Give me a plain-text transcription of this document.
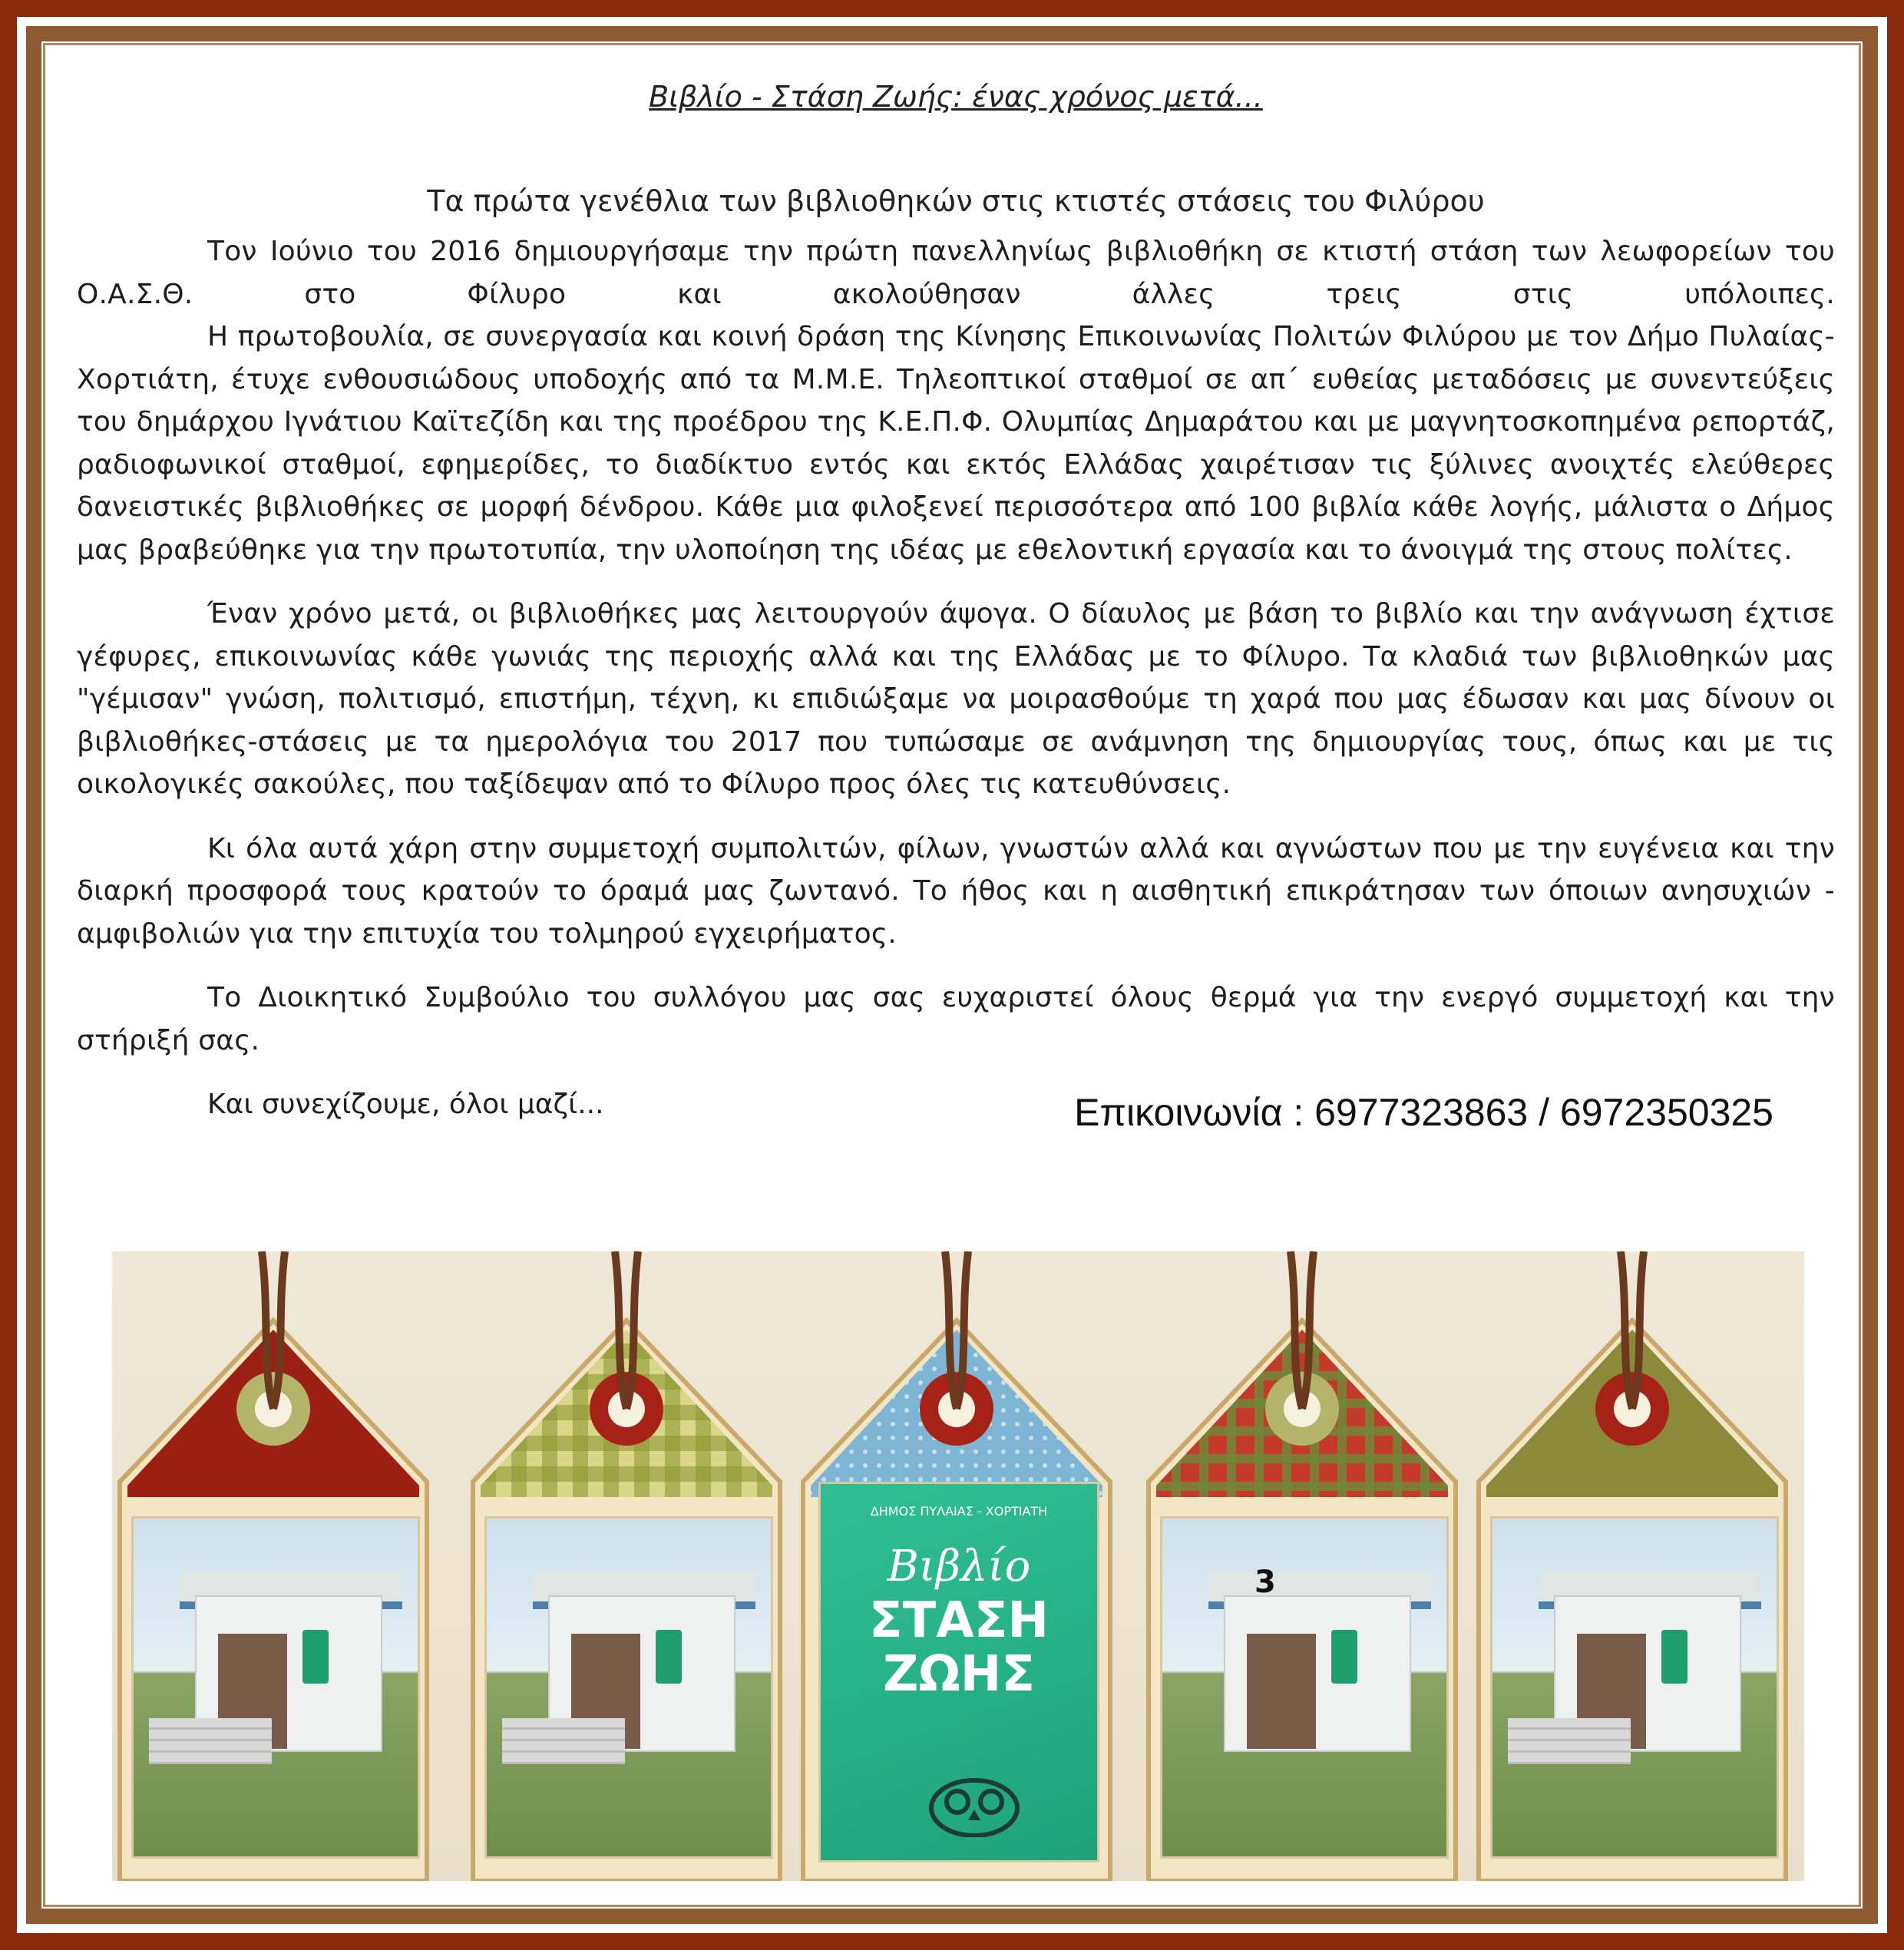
Βιβλίο - Στάση Ζωής: ένας χρόνος μετά...

Τα πρώτα γενέθλια των βιβλιοθηκών στις κτιστές στάσεις του Φιλύρου

Τον Ιούνιο του 2016 δημιουργήσαμε την πρώτη πανελληνίως βιβλιοθήκη σε κτιστή στάση των λεωφορείων του Ο.Α.Σ.Θ. στο Φίλυρο και ακολούθησαν άλλες τρεις στις υπόλοιπες.

Η πρωτοβουλία, σε συνεργασία και κοινή δράση της Κίνησης Επικοινωνίας Πολιτών Φιλύρου με τον Δήμο Πυλαίας-Χορτιάτη, έτυχε ενθουσιώδους υποδοχής από τα Μ.Μ.Ε. Τηλεοπτικοί σταθμοί σε απ΄ ευθείας μεταδόσεις με συνεντεύξεις του δημάρχου Ιγνάτιου Καϊτεζίδη και της προέδρου της Κ.Ε.Π.Φ. Ολυμπίας Δημαράτου και με μαγνητοσκοπημένα ρεπορτάζ, ραδιοφωνικοί σταθμοί, εφημερίδες, το διαδίκτυο εντός και εκτός Ελλάδας χαιρέτισαν τις ξύλινες ανοιχτές ελεύθερες δανειστικές βιβλιοθήκες σε μορφή δένδρου. Κάθε μια φιλοξενεί περισσότερα από 100 βιβλία κάθε λογής, μάλιστα ο Δήμος μας βραβεύθηκε για την πρωτοτυπία, την υλοποίηση της ιδέας με εθελοντική εργασία και το άνοιγμά της στους πολίτες.

Έναν χρόνο μετά, οι βιβλιοθήκες μας λειτουργούν άψογα. Ο δίαυλος με βάση το βιβλίο και την ανάγνωση έχτισε γέφυρες, επικοινωνίας κάθε γωνιάς της περιοχής αλλά και της Ελλάδας με το Φίλυρο. Τα κλαδιά των βιβλιοθηκών μας "γέμισαν" γνώση, πολιτισμό, επιστήμη, τέχνη, κι επιδιώξαμε να μοιρασθούμε τη χαρά που μας έδωσαν και μας δίνουν οι βιβλιοθήκες-στάσεις με τα ημερολόγια του 2017 που τυπώσαμε σε ανάμνηση της δημιουργίας τους, όπως και με τις οικολογικές σακούλες, που ταξίδεψαν από το Φίλυρο προς όλες τις κατευθύνσεις.

Κι όλα αυτά χάρη στην συμμετοχή συμπολιτών, φίλων, γνωστών αλλά και αγνώστων που με την ευγένεια και την διαρκή προσφορά τους κρατούν το όραμά μας ζωντανό. Το ήθος και η αισθητική επικράτησαν των όποιων ανησυχιών - αμφιβολιών για την επιτυχία του τολμηρού εγχειρήματος.

Το Διοικητικό Συμβούλιο του συλλόγου μας σας ευχαριστεί όλους θερμά για την ενεργό συμμετοχή και την στήριξή σας.

Και συνεχίζουμε, όλοι μαζί...	Επικοινωνία : 6977323863 / 6972350325
ΔΗΜΟΣ ΠΥΛΑΙΑΣ - ΧΟΡΤΙΑΤΗ
Βιβλίο
ΣΤΑΣΗ
ΖΩΗΣ
3
